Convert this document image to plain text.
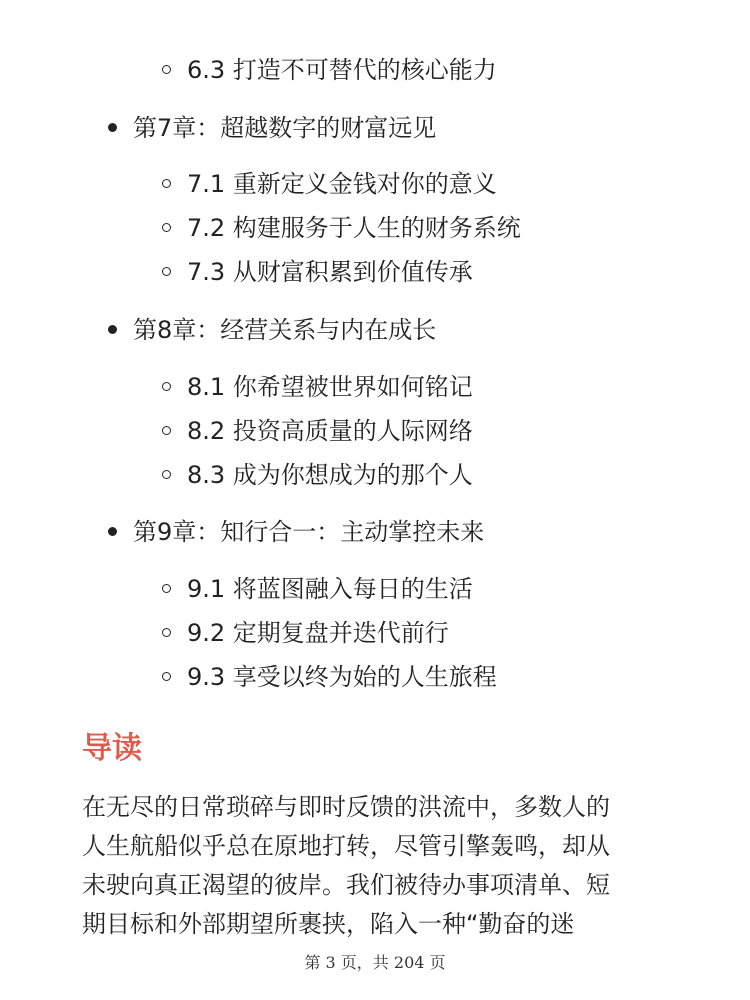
6.3 打造不可替代的核心能力
第7章：超越数字的财富远见
7.1 重新定义金钱对你的意义
7.2 构建服务于人生的财务系统
7.3 从财富积累到价值传承
第8章：经营关系与内在成长
8.1 你希望被世界如何铭记
8.2 投资高质量的人际网络
8.3 成为你想成为的那个人
第9章：知行合一：主动掌控未来
9.1 将蓝图融入每日的生活
9.2 定期复盘并迭代前行
9.3 享受以终为始的人生旅程
导读
在无尽的日常琐碎与即时反馈的洪流中，多数人的
人生航船似乎总在原地打转，尽管引擎轰鸣，却从
未驶向真正渴望的彼岸。我们被待办事项清单、短
期目标和外部期望所裹挟，陷入一种“勤奋的迷
第 3 页，共 204 页
